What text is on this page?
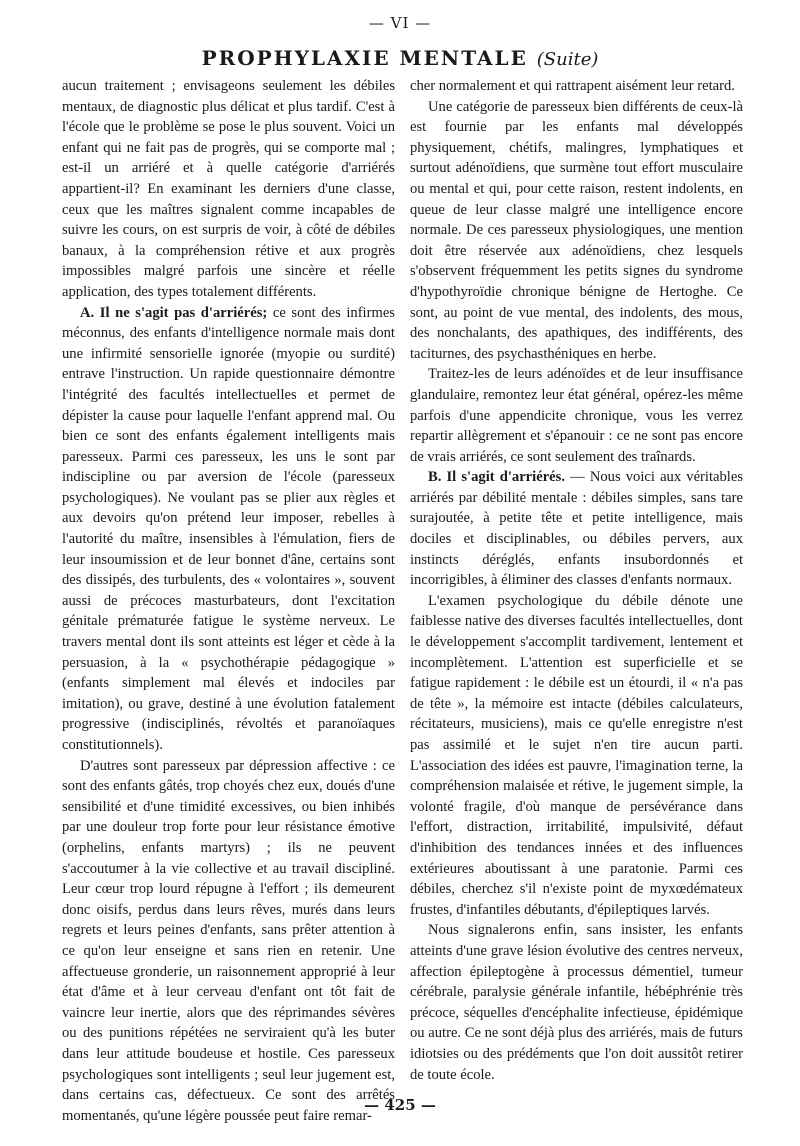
— VI —
PROPHYLAXIE MENTALE (Suite)

aucun traitement ; envisageons seulement les débiles mentaux, de diagnostic plus délicat et plus tardif. C'est à l'école que le problème se pose le plus souvent. Voici un enfant qui ne fait pas de progrès, qui se comporte mal ; est-il un arriéré et à quelle catégorie d'arriérés appartient-il? En examinant les derniers d'une classe, ceux que les maîtres signalent comme incapables de suivre les cours, on est surpris de voir, à côté de débiles banaux, à la compréhension rétive et aux progrès impossibles malgré parfois une sincère et réelle application, des types totalement différents.

A. Il ne s'agit pas d'arriérés; ce sont des infirmes méconnus, des enfants d'intelligence normale mais dont une infirmité sensorielle ignorée (myopie ou surdité) entrave l'instruction. Un rapide questionnaire démontre l'intégrité des facultés intellectuelles et permet de dépister la cause pour laquelle l'enfant apprend mal. Ou bien ce sont des enfants également intelligents mais paresseux. Parmi ces paresseux, les uns le sont par indiscipline ou par aversion de l'école (paresseux psychologiques). Ne voulant pas se plier aux règles et aux devoirs qu'on prétend leur imposer, rebelles à l'autorité du maître, insensibles à l'émulation, fiers de leur insoumission et de leur bonnet d'âne, certains sont des dissipés, des turbulents, des « volontaires », souvent aussi de précoces masturbateurs, dont l'excitation génitale prématurée fatigue le système nerveux. Le travers mental dont ils sont atteints est léger et cède à la persuasion, à la « psychothérapie pédagogique » (enfants simplement mal élevés et indociles par imitation), ou grave, destiné à une évolution fatalement progressive (indisciplinés, révoltés et paranoïaques constitutionnels).

D'autres sont paresseux par dépression affective : ce sont des enfants gâtés, trop choyés chez eux, doués d'une sensibilité et d'une timidité excessives, ou bien inhibés par une douleur trop forte pour leur résistance émotive (orphelins, enfants martyrs) ; ils ne peuvent s'accoutumer à la vie collective et au travail discipliné. Leur cœur trop lourd répugne à l'effort ; ils demeurent donc oisifs, perdus dans leurs rêves, murés dans leurs regrets et leurs peines d'enfants, sans prêter attention à ce qu'on leur enseigne et sans rien en retenir. Une affectueuse gronderie, un raisonnement approprié à leur état d'âme et à leur cerveau d'enfant ont tôt fait de vaincre leur inertie, alors que des réprimandes sévères ou des punitions répétées ne serviraient qu'à les buter dans leur attitude boudeuse et hostile. Ces paresseux psychologiques sont intelligents ; seul leur jugement est, dans certains cas, défectueux. Ce sont des arrêtés momentanés, qu'une légère poussée peut faire remar-

cher normalement et qui rattrapent aisément leur retard.

Une catégorie de paresseux bien différents de ceux-là est fournie par les enfants mal développés physiquement, chétifs, malingres, lymphatiques et surtout adénoïdiens, que surmène tout effort musculaire ou mental et qui, pour cette raison, restent indolents, en queue de leur classe malgré une intelligence encore normale. De ces paresseux physiologiques, une mention doit être réservée aux adénoïdiens, chez lesquels s'observent fréquemment les petits signes du syndrome d'hypothyroïdie chronique bénigne de Hertoghe. Ce sont, au point de vue mental, des indolents, des mous, des nonchalants, des apathiques, des indifférents, des taciturnes, des psychasthéniques en herbe.

Traitez-les de leurs adénoïdes et de leur insuffisance glandulaire, remontez leur état général, opérez-les même parfois d'une appendicite chronique, vous les verrez repartir allègrement et s'épanouir : ce ne sont pas encore de vrais arriérés, ce sont seulement des traînards.

B. Il s'agit d'arriérés. — Nous voici aux véritables arriérés par débilité mentale : débiles simples, sans tare surajoutée, à petite tête et petite intelligence, mais dociles et disciplinables, ou débiles pervers, aux instincts déréglés, enfants insubordonnés et incorrigibles, à éliminer des classes d'enfants normaux.

L'examen psychologique du débile dénote une faiblesse native des diverses facultés intellectuelles, dont le développement s'accomplit tardivement, lentement et incomplètement. L'attention est superficielle et se fatigue rapidement : le débile est un étourdi, il « n'a pas de tête », la mémoire est intacte (débiles calculateurs, récitateurs, musiciens), mais ce qu'elle enregistre n'est pas assimilé et le sujet n'en tire aucun parti. L'association des idées est pauvre, l'imagination terne, la compréhension malaisée et rétive, le jugement simple, la volonté fragile, d'où manque de persévérance dans l'effort, distraction, irritabilité, impulsivité, défaut d'inhibition des tendances innées et des influences extérieures aboutissant à une paratonie. Parmi ces débiles, cherchez s'il n'existe point de myxœdémateux frustes, d'infantiles débutants, d'épileptiques larvés.

Nous signalerons enfin, sans insister, les enfants atteints d'une grave lésion évolutive des centres nerveux, affection épileptogène à processus démentiel, tumeur cérébrale, paralysie générale infantile, hébéphrénie très précoce, séquelles d'encéphalite infectieuse, épidémique ou autre. Ce ne sont déjà plus des arriérés, mais de futurs idiotsies ou des prédéments que l'on doit aussitôt retirer de toute école.

— 425 —
